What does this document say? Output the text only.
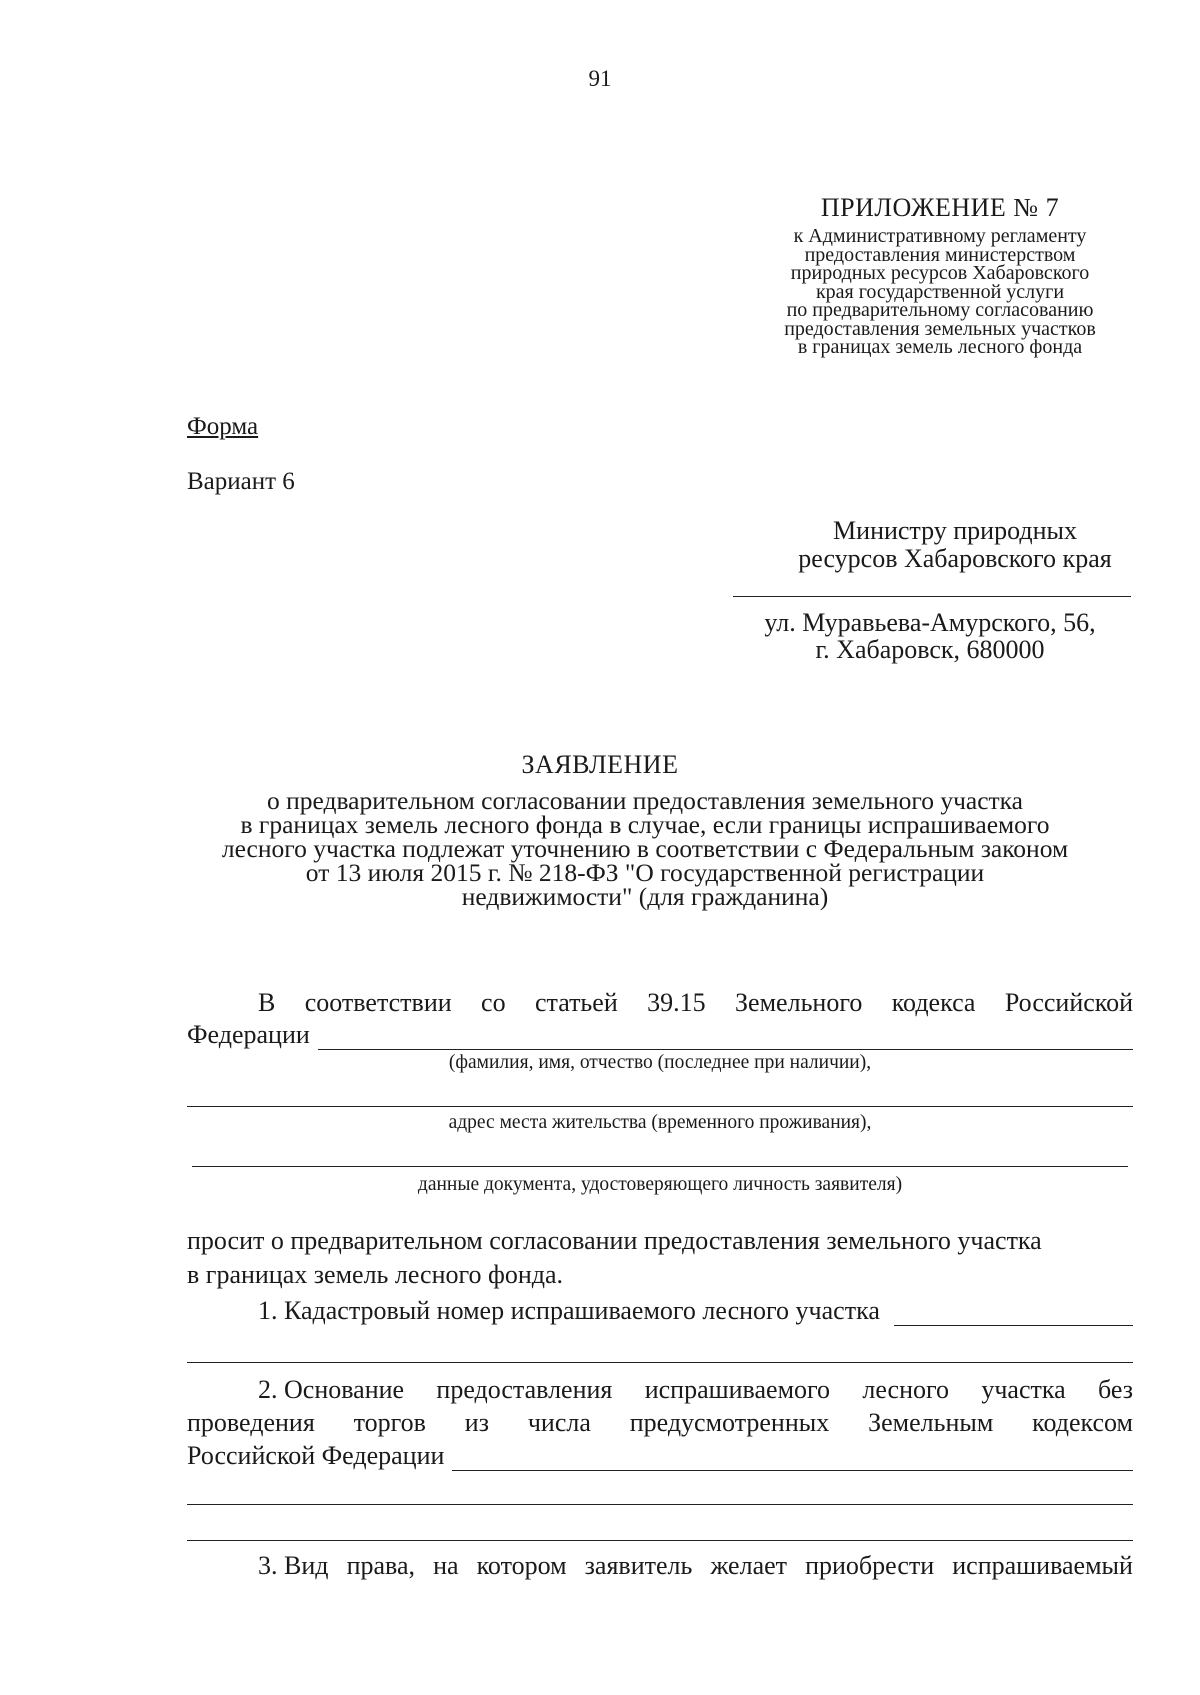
91
ПРИЛОЖЕНИЕ № 7
к Административному регламенту
предоставления министерством
природных ресурсов Хабаровского
края государственной услуги
по предварительному согласованию
предоставления земельных участков
в границах земель лесного фонда
Форма
Вариант 6
Министру природных
ресурсов Хабаровского края
ул. Муравьева-Амурского, 56,
г. Хабаровск, 680000
ЗАЯВЛЕНИЕ
о предварительном согласовании предоставления земельного участка
в границах земель лесного фонда в случае, если границы испрашиваемого
лесного участка подлежат уточнению в соответствии с Федеральным законом
от 13 июля 2015 г. № 218-ФЗ "О государственной регистрации
недвижимости" (для гражданина)
В соответствии со статьей 39.15 Земельного кодекса Российской
Федерации
(фамилия, имя, отчество (последнее при наличии),
адрес места жительства (временного проживания),
данные документа, удостоверяющего личность заявителя)
просит о предварительном согласовании предоставления земельного участка
в границах земель лесного фонда.
1. Кадастровый номер испрашиваемого лесного участка
2. Основание предоставления испрашиваемого лесного участка без
проведения торгов из числа предусмотренных Земельным кодексом
Российской Федерации
3. Вид права, на котором заявитель желает приобрести испрашиваемый
